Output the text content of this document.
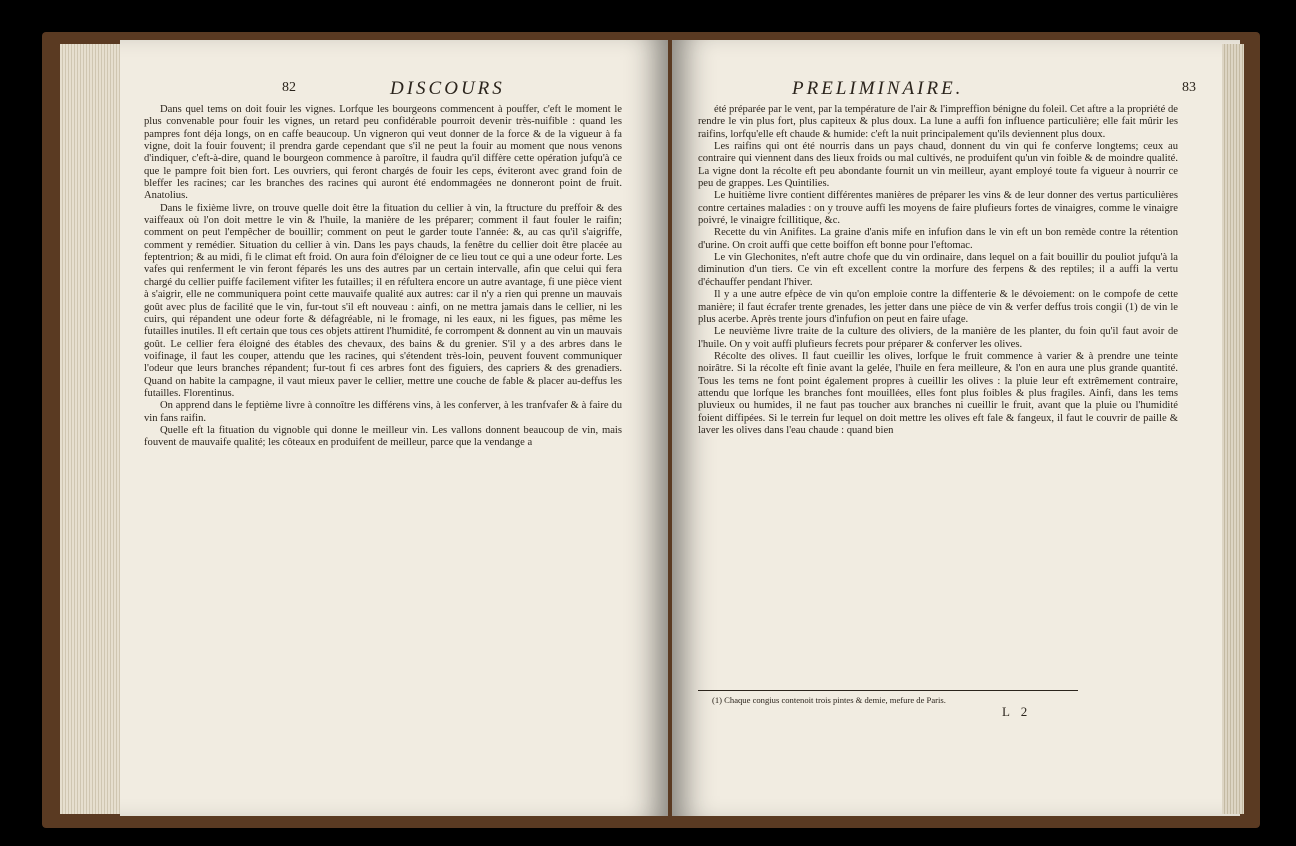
82	DISCOURS

Dans quel tems on doit fouir les vignes. Lorfque les bourgeons commencent à pouffer, c'eft le moment le plus convenable pour fouir les vignes, un retard peu confidérable pourroit devenir très-nuifible : quand les pampres font déja longs, on en caffe beaucoup. Un vigneron qui veut donner de la force & de la vigueur à fa vigne, doit la fouir fouvent; il prendra garde cependant que s'il ne peut la fouir au moment que nous venons d'indiquer, c'eft-à-dire, quand le bourgeon commence à paroître, il faudra qu'il diffère cette opération jufqu'à ce que le pampre foit bien fort. Les ouvriers, qui feront chargés de fouir les ceps, éviteront avec grand foin de bleffer les racines; car les branches des racines qui auront été endommagées ne donneront point de fruit. Anatolius.

Dans le fixième livre, on trouve quelle doit être la fituation du cellier à vin, la ftructure du preffoir & des vaiffeaux où l'on doit mettre le vin & l'huile, la manière de les préparer; comment il faut fouler le raifin; comment on peut l'empêcher de bouillir; comment on peut le garder toute l'année: &, au cas qu'il s'aigriffe, comment y remédier. Situation du cellier à vin. Dans les pays chauds, la fenêtre du cellier doit être placée au feptentrion; & au midi, fi le climat eft froid. On aura foin d'éloigner de ce lieu tout ce qui a une odeur forte. Les vafes qui renferment le vin feront féparés les uns des autres par un certain intervalle, afin que celui qui fera chargé du cellier puiffe facilement vifiter les futailles; il en réfultera encore un autre avantage, fi une pièce vient à s'aigrir, elle ne communiquera point cette mauvaife qualité aux autres: car il n'y a rien qui prenne un mauvais goût avec plus de facilité que le vin, fur-tout s'il eft nouveau : ainfi, on ne mettra jamais dans le cellier, ni les cuirs, qui répandent une odeur forte & défagréable, ni le fromage, ni les eaux, ni les figues, pas même les futailles inutiles. Il eft certain que tous ces objets attirent l'humidité, fe corrompent & donnent au vin un mauvais goût. Le cellier fera éloigné des étables des chevaux, des bains & du grenier. S'il y a des arbres dans le voifinage, il faut les couper, attendu que les racines, qui s'étendent très-loin, peuvent fouvent communiquer l'odeur que leurs branches répandent; fur-tout fi ces arbres font des figuiers, des capriers & des grenadiers. Quand on habite la campagne, il vaut mieux paver le cellier, mettre une couche de fable & placer au-deffus les futailles. Florentinus.

On apprend dans le feptième livre à connoître les différens vins, à les conferver, à les tranfvafer & à faire du vin fans raifin.

Quelle eft la fituation du vignoble qui donne le meilleur vin. Les vallons donnent beaucoup de vin, mais fouvent de mauvaife qualité; les côteaux en produifent de meilleur, parce que la vendange a

PRELIMINAIRE.	83

été préparée par le vent, par la température de l'air & l'impreffion bénigne du foleil. Cet aftre a la propriété de rendre le vin plus fort, plus capiteux & plus doux. La lune a auffi fon influence particulière; elle fait mûrir les raifins, lorfqu'elle eft chaude & humide: c'eft la nuit principalement qu'ils deviennent plus doux.

Les raifins qui ont été nourris dans un pays chaud, donnent du vin qui fe conferve longtems; ceux au contraire qui viennent dans des lieux froids ou mal cultivés, ne produifent qu'un vin foible & de moindre qualité. La vigne dont la récolte eft peu abondante fournit un vin meilleur, ayant employé toute fa vigueur à nourrir ce peu de grappes. Les Quintilies.

Le huitième livre contient différentes manières de préparer les vins & de leur donner des vertus particulières contre certaines maladies : on y trouve auffi les moyens de faire plufieurs fortes de vinaigres, comme le vinaigre poivré, le vinaigre fcillitique, &c.

Recette du vin Anifites. La graine d'anis mife en infufion dans le vin eft un bon remède contre la rétention d'urine. On croit auffi que cette boiffon eft bonne pour l'eftomac.

Le vin Glechonites, n'eft autre chofe que du vin ordinaire, dans lequel on a fait bouillir du pouliot jufqu'à la diminution d'un tiers. Ce vin eft excellent contre la morfure des ferpens & des reptiles; il a auffi la vertu d'échauffer pendant l'hiver.

Il y a une autre efpèce de vin qu'on emploie contre la diffenterie & le dévoiement: on le compofe de cette manière; il faut écrafer trente grenades, les jetter dans une pièce de vin & verfer deffus trois congii (1) de vin le plus acerbe. Après trente jours d'infufion on peut en faire ufage.

Le neuvième livre traite de la culture des oliviers, de la manière de les planter, du foin qu'il faut avoir de l'huile. On y voit auffi plufieurs fecrets pour préparer & conferver les olives.

Récolte des olives. Il faut cueillir les olives, lorfque le fruit commence à varier & à prendre une teinte noirâtre. Si la récolte eft finie avant la gelée, l'huile en fera meilleure, & l'on en aura une plus grande quantité. Tous les tems ne font point également propres à cueillir les olives : la pluie leur eft extrêmement contraire, attendu que lorfque les branches font mouillées, elles font plus foibles & plus fragiles. Ainfi, dans les tems pluvieux ou humides, il ne faut pas toucher aux branches ni cueillir le fruit, avant que la pluie ou l'humidité foient diffipées. Si le terrein fur lequel on doit mettre les olives eft fale & fangeux, il faut le couvrir de paille & laver les olives dans l'eau chaude : quand bien

(1) Chaque congius contenoit trois pintes & demie, mefure de Paris.
L 2
